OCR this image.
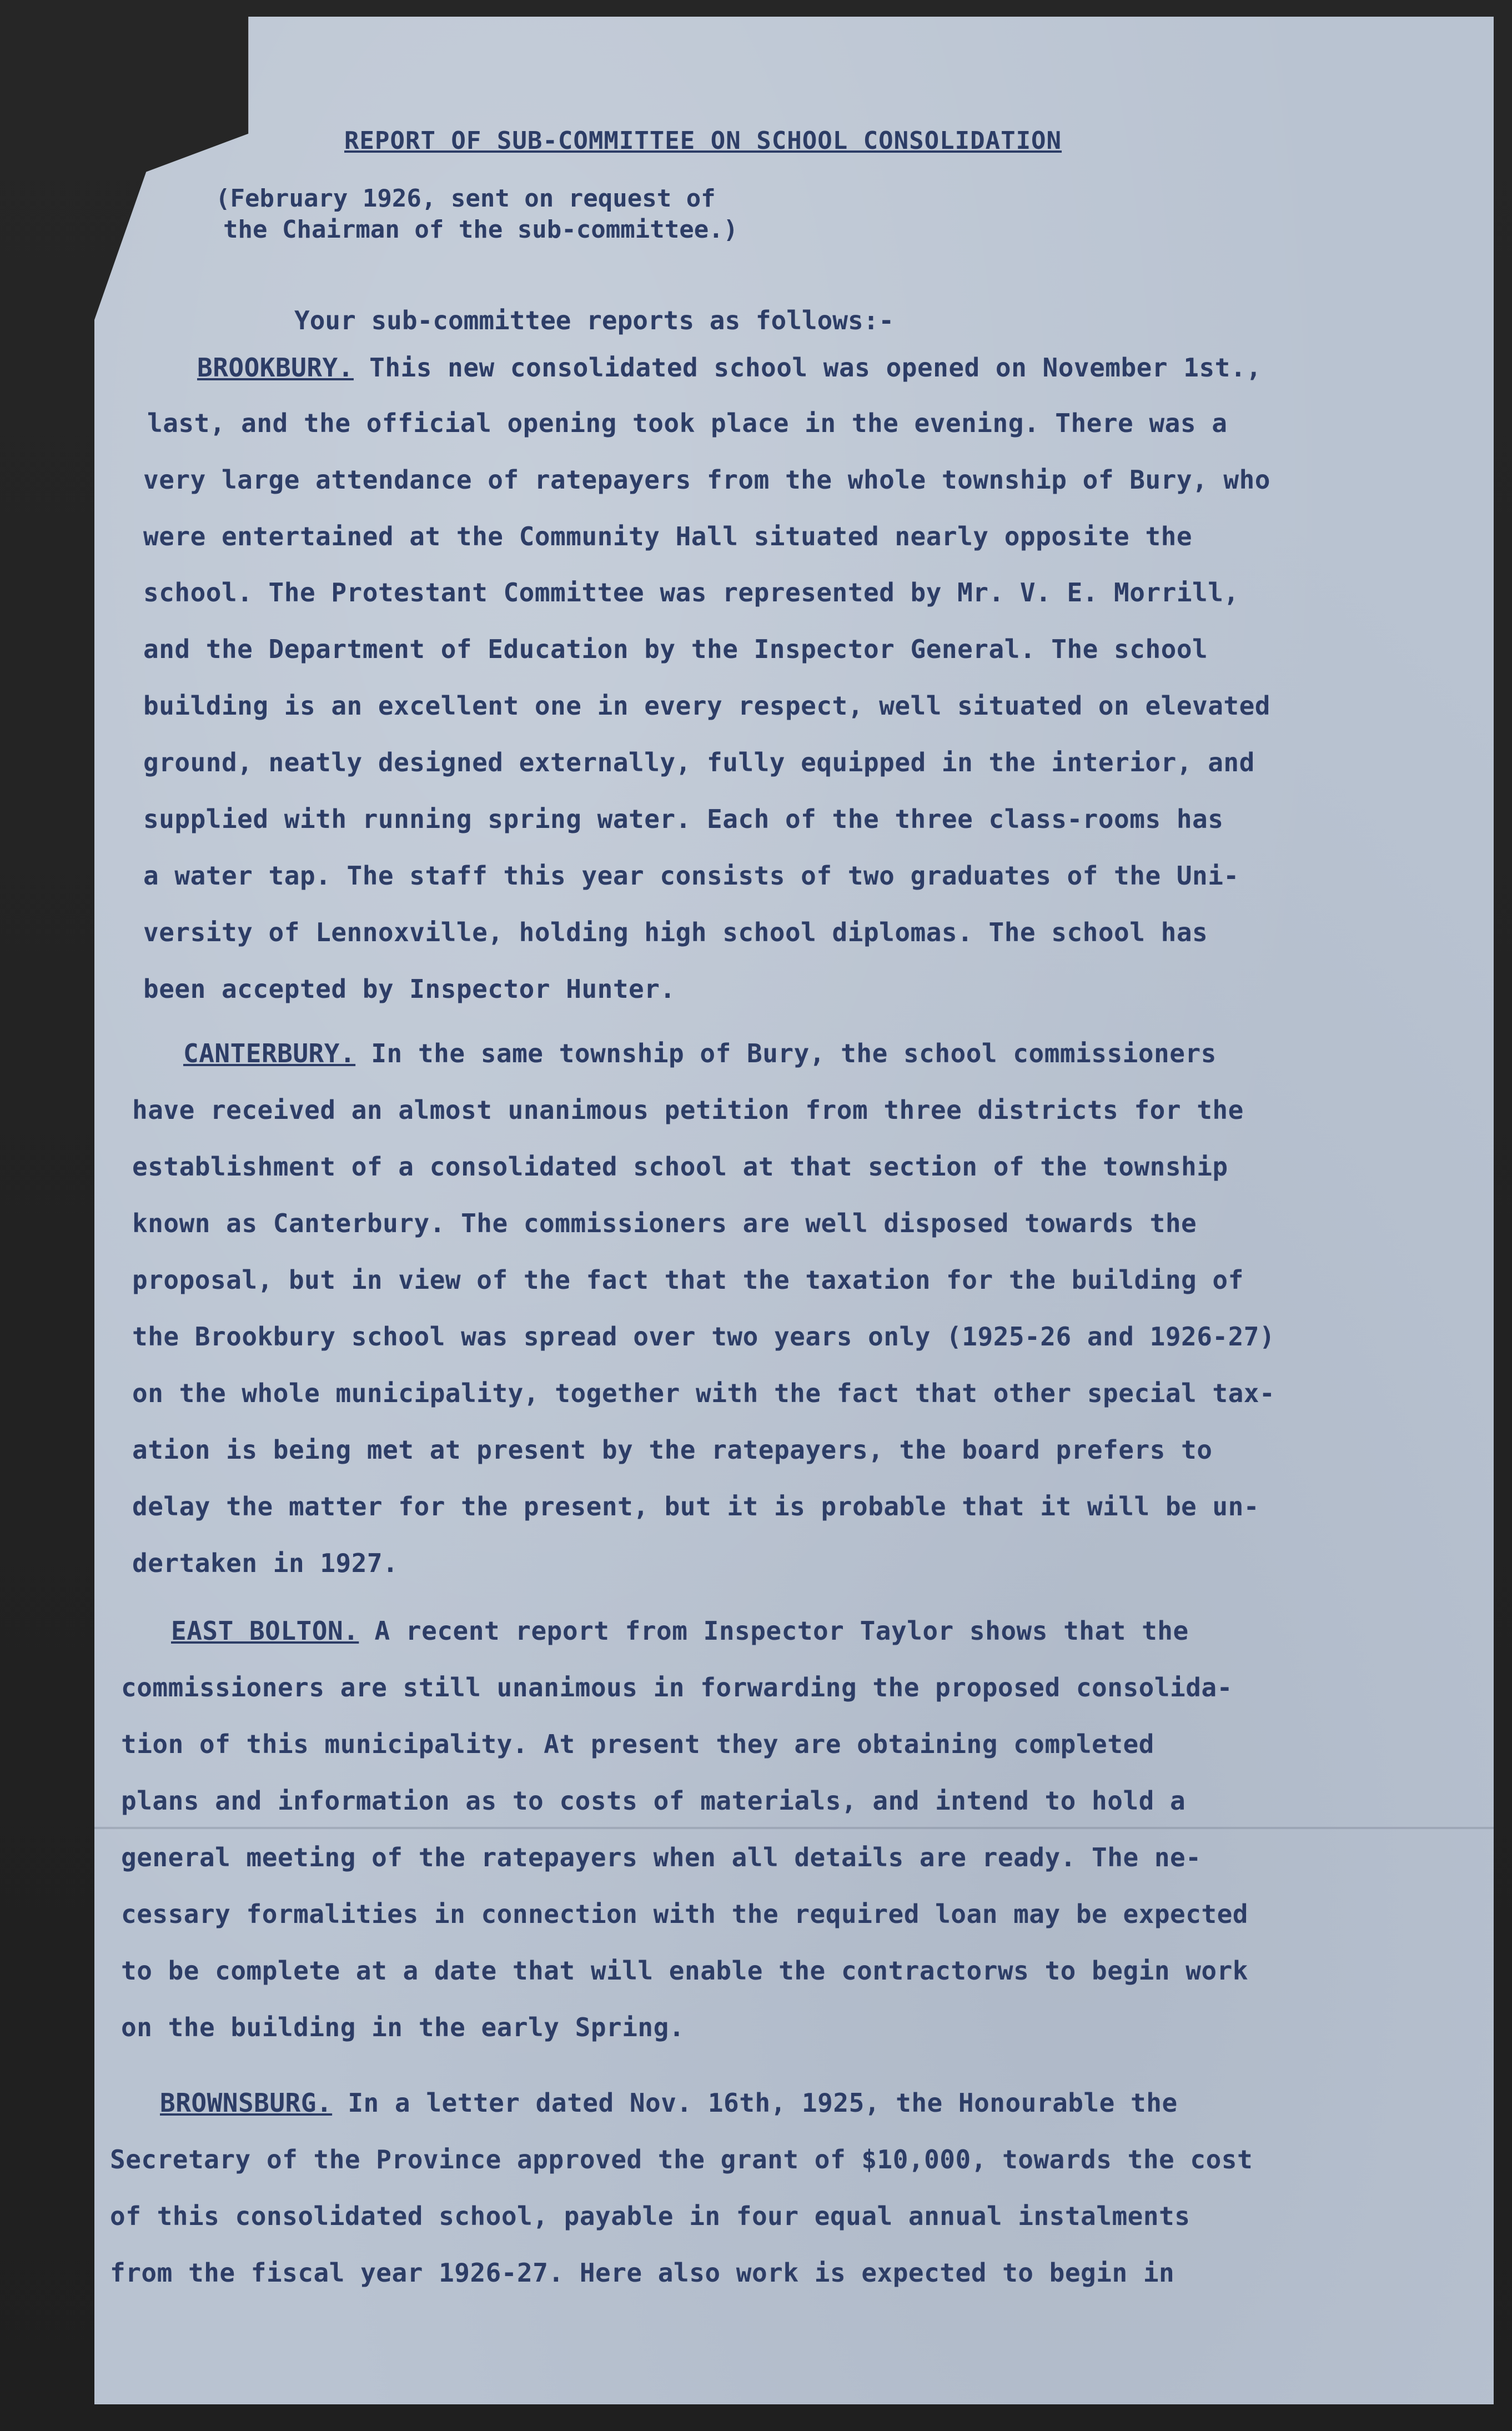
REPORT OF SUB-COMMITTEE ON SCHOOL CONSOLIDATION
(February 1926, sent on request of
the Chairman of the sub-committee.)
Your sub-committee reports as follows:-
BROOKBURY. This new consolidated school was opened on November 1st.,
last, and the official opening took place in the evening. There was a
very large attendance of ratepayers from the whole township of Bury, who
were entertained at the Community Hall situated nearly opposite the
school. The Protestant Committee was represented by Mr. V. E. Morrill,
and the Department of Education by the Inspector General. The school
building is an excellent one in every respect, well situated on elevated
ground, neatly designed externally, fully equipped in the interior, and
supplied with running spring water. Each of the three class-rooms has
a water tap. The staff this year consists of two graduates of the Uni-
versity of Lennoxville, holding high school diplomas. The school has
been accepted by Inspector Hunter.
CANTERBURY. In the same township of Bury, the school commissioners
have received an almost unanimous petition from three districts for the
establishment of a consolidated school at that section of the township
known as Canterbury. The commissioners are well disposed towards the
proposal, but in view of the fact that the taxation for the building of
the Brookbury school was spread over two years only (1925-26 and 1926-27)
on the whole municipality, together with the fact that other special tax-
ation is being met at present by the ratepayers, the board prefers to
delay the matter for the present, but it is probable that it will be un-
dertaken in 1927.
EAST BOLTON. A recent report from Inspector Taylor shows that the
commissioners are still unanimous in forwarding the proposed consolida-
tion of this municipality. At present they are obtaining completed
plans and information as to costs of materials, and intend to hold a
general meeting of the ratepayers when all details are ready. The ne-
cessary formalities in connection with the required loan may be expected
to be complete at a date that will enable the contractorws to begin work
on the building in the early Spring.
BROWNSBURG. In a letter dated Nov. 16th, 1925, the Honourable the
Secretary of the Province approved the grant of $10,000, towards the cost
of this consolidated school, payable in four equal annual instalments
from the fiscal year 1926-27. Here also work is expected to begin in
